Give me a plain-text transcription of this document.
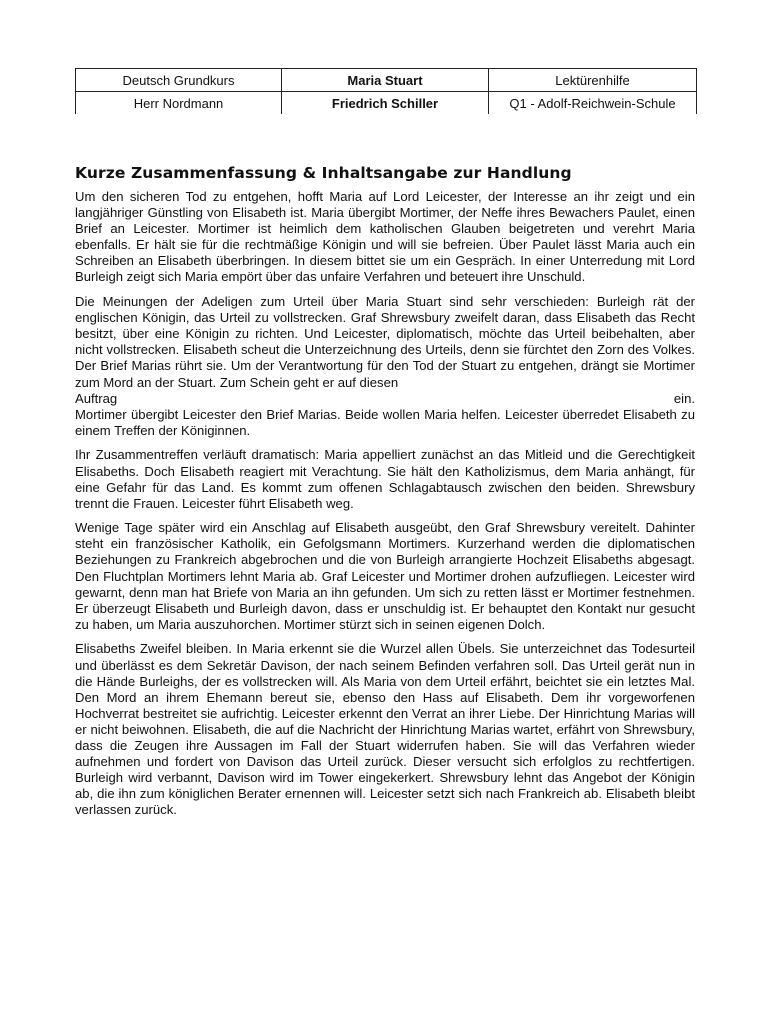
Deutsch Grundkurs	Maria Stuart	Lektürenhilfe
Herr Nordmann	Friedrich Schiller	Q1 - Adolf-Reichwein-Schule
Kurze Zusammenfassung & Inhaltsangabe zur Handlung

Um den sicheren Tod zu entgehen, hofft Maria auf Lord Leicester, der Interesse an ihr zeigt und ein langjähriger Günstling von Elisabeth ist. Maria übergibt Mortimer, der Neffe ihres Bewachers Paulet, einen Brief an Leicester. Mortimer ist heimlich dem katholischen Glauben beigetreten und verehrt Maria ebenfalls. Er hält sie für die rechtmäßige Königin und will sie befreien. Über Paulet lässt Maria auch ein Schreiben an Elisabeth überbringen. In diesem bittet sie um ein Gespräch. In einer Unterredung mit Lord Burleigh zeigt sich Maria empört über das unfaire Verfahren und beteuert ihre Unschuld.

Die Meinungen der Adeligen zum Urteil über Maria Stuart sind sehr verschieden: Burleigh rät der englischen Königin, das Urteil zu vollstrecken. Graf Shrewsbury zweifelt daran, dass Elisabeth das Recht besitzt, über eine Königin zu richten. Und Leicester, diplomatisch, möchte das Urteil beibehalten, aber nicht vollstrecken. Elisabeth scheut die Unterzeichnung des Urteils, denn sie fürchtet den Zorn des Volkes. Der Brief Marias rührt sie. Um der Verantwortung für den Tod der Stuart zu entgehen, drängt sie Mortimer zum Mord an der Stuart. Zum Schein geht er auf diesen
Auftrag	ein.
Mortimer übergibt Leicester den Brief Marias. Beide wollen Maria helfen. Leicester überredet Elisabeth zu einem Treffen der Königinnen.

Ihr Zusammentreffen verläuft dramatisch: Maria appelliert zunächst an das Mitleid und die Gerechtigkeit Elisabeths. Doch Elisabeth reagiert mit Verachtung. Sie hält den Katholizismus, dem Maria anhängt, für eine Gefahr für das Land. Es kommt zum offenen Schlagabtausch zwischen den beiden. Shrewsbury trennt die Frauen. Leicester führt Elisabeth weg.

Wenige Tage später wird ein Anschlag auf Elisabeth ausgeübt, den Graf Shrewsbury vereitelt. Dahinter steht ein französischer Katholik, ein Gefolgsmann Mortimers. Kurzerhand werden die diplomatischen Beziehungen zu Frankreich abgebrochen und die von Burleigh arrangierte Hochzeit Elisabeths abgesagt. Den Fluchtplan Mortimers lehnt Maria ab. Graf Leicester und Mortimer drohen aufzufliegen. Leicester wird gewarnt, denn man hat Briefe von Maria an ihn gefunden. Um sich zu retten lässt er Mortimer festnehmen. Er überzeugt Elisabeth und Burleigh davon, dass er unschuldig ist. Er behauptet den Kontakt nur gesucht zu haben, um Maria auszuhorchen. Mortimer stürzt sich in seinen eigenen Dolch.

Elisabeths Zweifel bleiben. In Maria erkennt sie die Wurzel allen Übels. Sie unterzeichnet das Todesurteil und überlässt es dem Sekretär Davison, der nach seinem Befinden verfahren soll. Das Urteil gerät nun in die Hände Burleighs, der es vollstrecken will. Als Maria von dem Urteil erfährt, beichtet sie ein letztes Mal. Den Mord an ihrem Ehemann bereut sie, ebenso den Hass auf Elisabeth. Dem ihr vorgeworfenen Hochverrat bestreitet sie aufrichtig. Leicester erkennt den Verrat an ihrer Liebe. Der Hinrichtung Marias will er nicht beiwohnen. Elisabeth, die auf die Nachricht der Hinrichtung Marias wartet, erfährt von Shrewsbury, dass die Zeugen ihre Aussagen im Fall der Stuart widerrufen haben. Sie will das Verfahren wieder aufnehmen und fordert von Davison das Urteil zurück. Dieser versucht sich erfolglos zu rechtfertigen. Burleigh wird verbannt, Davison wird im Tower eingekerkert. Shrewsbury lehnt das Angebot der Königin ab, die ihn zum königlichen Berater ernennen will. Leicester setzt sich nach Frankreich ab. Elisabeth bleibt verlassen zurück.
